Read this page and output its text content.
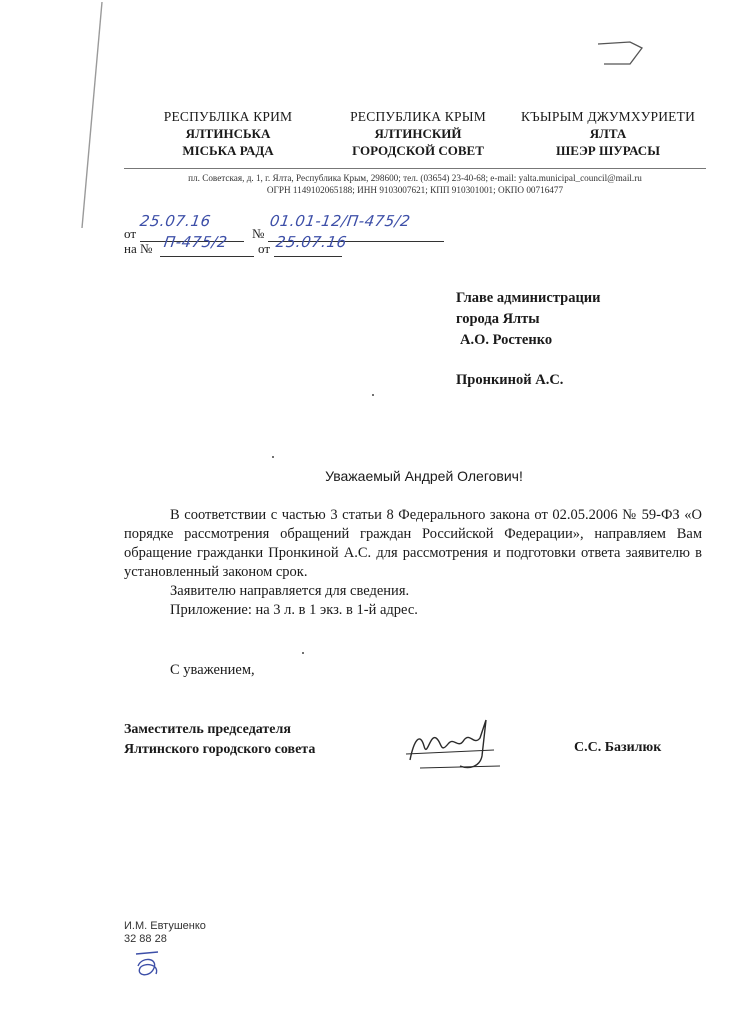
РЕСПУБЛІКА КРИМ
ЯЛТИНСЬКА
МІСЬКА РАДА
РЕСПУБЛИКА КРЫМ
ЯЛТИНСКИЙ
ГОРОДСКОЙ СОВЕТ
КЪЫРЫМ ДЖУМХУРИЕТИ
ЯЛТА
ШЕЭР ШУРАСЫ
пл. Советская, д. 1, г. Ялта, Республика Крым, 298600; тел. (03654) 23-40-68; e-mail: yalta.municipal_council@mail.ru
ОГРН 1149102065188; ИНН 9103007621; КПП 910301001; ОКПО 00716477
от
25.07.16
№
01.01-12/П-475/2
на № П-475/2 от 25.07.16
Главе администрации
города Ялты
А.О. Ростенко
Пронкиной А.С.
Уважаемый Андрей Олегович!

В соответствии с частью 3 статьи 8 Федерального закона от 02.05.2006 № 59-ФЗ «О порядке рассмотрения обращений граждан Российской Федерации», направляем Вам обращение гражданки Пронкиной А.С. для рассмотрения и подготовки ответа заявителю в установленный законом срок.

Заявителю направляется для сведения.

Приложение: на 3 л. в 1 экз. в 1-й адрес.

С уважением,
Заместитель председателя
Ялтинского городского совета	С.С. Базилюк
И.М. Евтушенко
32 88 28
